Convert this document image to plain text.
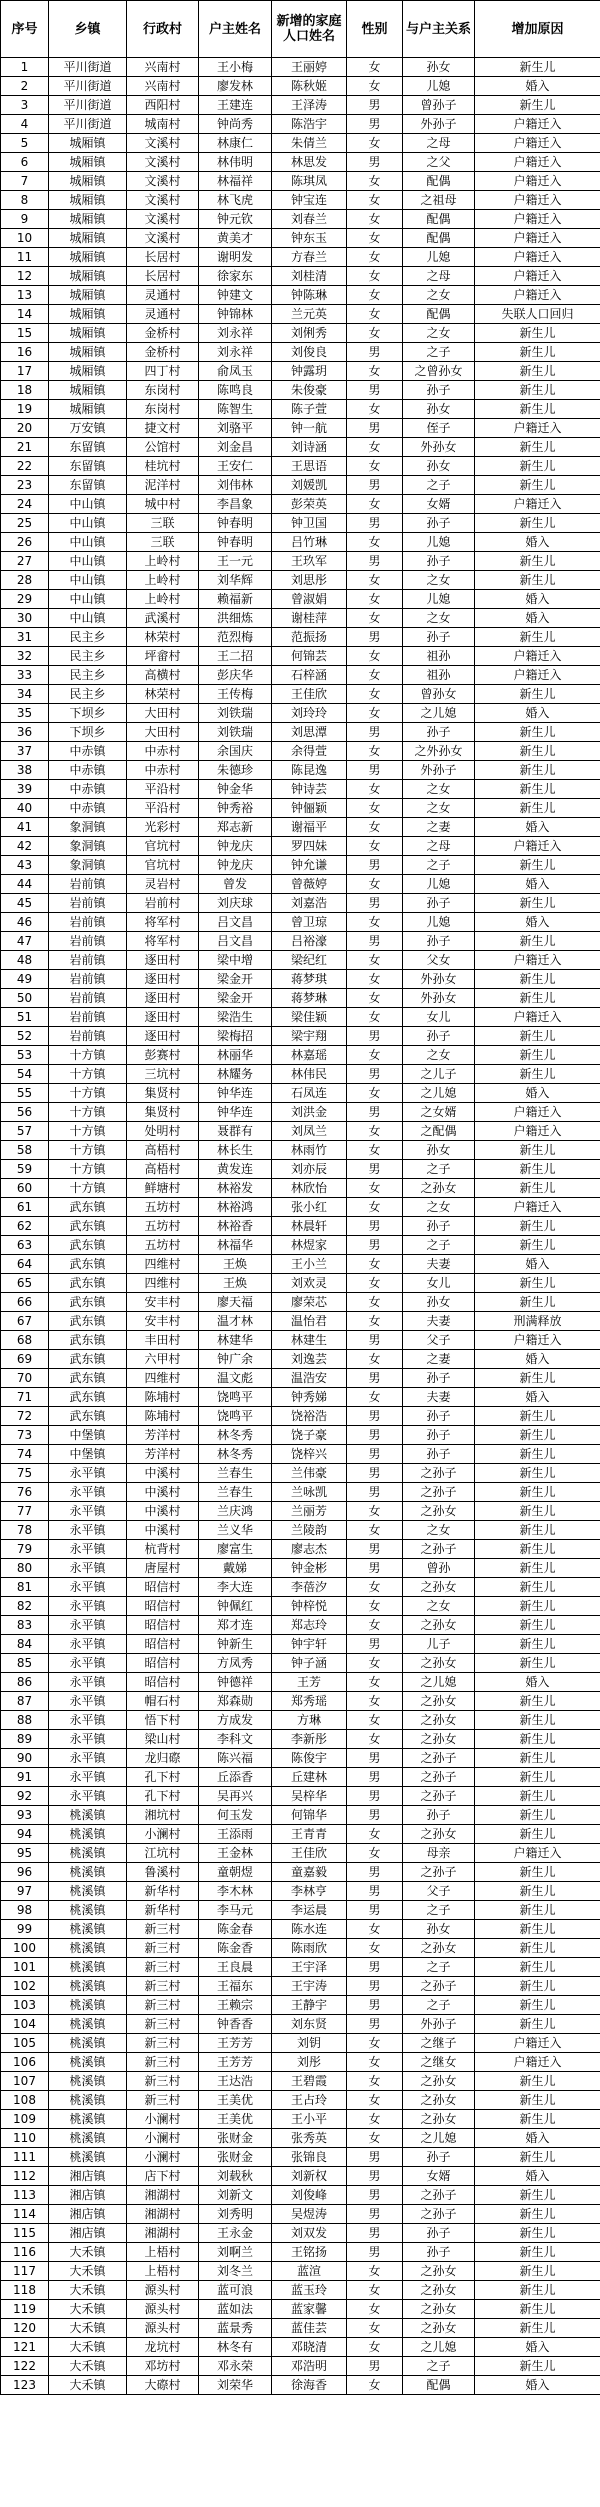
序号	乡镇	行政村	户主姓名	新增的家庭人口姓名	性别	与户主关系	增加原因
1	平川街道	兴南村	王小梅	王丽婷	女	孙女	新生儿
2	平川街道	兴南村	廖发林	陈秋姬	女	儿媳	婚入
3	平川街道	西阳村	王建连	王泽涛	男	曾孙子	新生儿
4	平川街道	城南村	钟尚秀	陈浩宇	男	外孙子	户籍迁入
5	城厢镇	文溪村	林康仁	朱倩兰	女	之母	户籍迁入
6	城厢镇	文溪村	林伟明	林思发	男	之父	户籍迁入
7	城厢镇	文溪村	林福祥	陈琪凤	女	配偶	户籍迁入
8	城厢镇	文溪村	林飞虎	钟宝连	女	之祖母	户籍迁入
9	城厢镇	文溪村	钟元钦	刘春兰	女	配偶	户籍迁入
10	城厢镇	文溪村	黄美才	钟东玉	女	配偶	户籍迁入
11	城厢镇	长居村	谢明发	方春兰	女	儿媳	户籍迁入
12	城厢镇	长居村	徐家东	刘桂清	女	之母	户籍迁入
13	城厢镇	灵通村	钟建文	钟陈琳	女	之女	户籍迁入
14	城厢镇	灵通村	钟锦林	兰元英	女	配偶	失联人口回归
15	城厢镇	金桥村	刘永祥	刘俐秀	女	之女	新生儿
16	城厢镇	金桥村	刘永祥	刘俊良	男	之子	新生儿
17	城厢镇	四丁村	俞凤玉	钟露玥	女	之曾孙女	新生儿
18	城厢镇	东岗村	陈鸣良	朱俊豪	男	孙子	新生儿
19	城厢镇	东岗村	陈智生	陈子萱	女	孙女	新生儿
20	万安镇	捷文村	刘骆平	钟一航	男	侄子	户籍迁入
21	东留镇	公馆村	刘金昌	刘诗涵	女	外孙女	新生儿
22	东留镇	桂坑村	王安仁	王思语	女	孙女	新生儿
23	东留镇	泥洋村	刘伟林	刘媛凯	男	之子	新生儿
24	中山镇	城中村	李昌象	彭荣英	女	女婿	户籍迁入
25	中山镇	三联	钟春明	钟卫国	男	孙子	新生儿
26	中山镇	三联	钟春明	吕竹琳	女	儿媳	婚入
27	中山镇	上岭村	王一元	王玖军	男	孙子	新生儿
28	中山镇	上岭村	刘华辉	刘思彤	女	之女	新生儿
29	中山镇	上岭村	赖福新	曾淑娟	女	儿媳	婚入
30	中山镇	武溪村	洪细炼	谢桂萍	女	之女	婚入
31	民主乡	林荣村	范烈梅	范振扬	男	孙子	新生儿
32	民主乡	坪畲村	王二招	何锦芸	女	祖孙	户籍迁入
33	民主乡	高横村	彭庆华	石梓涵	女	祖孙	户籍迁入
34	民主乡	林荣村	王传梅	王佳欣	女	曾孙女	新生儿
35	下坝乡	大田村	刘铁瑞	刘玲玲	女	之儿媳	婚入
36	下坝乡	大田村	刘铁瑞	刘思潭	男	孙子	新生儿
37	中赤镇	中赤村	余国庆	余得萱	女	之外孙女	新生儿
38	中赤镇	中赤村	朱德珍	陈昆逸	男	外孙子	新生儿
39	中赤镇	平沿村	钟金华	钟诗芸	女	之女	新生儿
40	中赤镇	平沿村	钟秀裕	钟俪颖	女	之女	新生儿
41	象洞镇	光彩村	郑志新	谢福平	女	之妻	婚入
42	象洞镇	官坑村	钟龙庆	罗四妹	女	之母	户籍迁入
43	象洞镇	官坑村	钟龙庆	钟允谦	男	之子	新生儿
44	岩前镇	灵岩村	曾发	曾薇婷	女	儿媳	婚入
45	岩前镇	岩前村	刘庆球	刘嘉浩	男	孙子	新生儿
46	岩前镇	将军村	吕文昌	曾卫琼	女	儿媳	婚入
47	岩前镇	将军村	吕文昌	吕裕濠	男	孙子	新生儿
48	岩前镇	逐田村	梁中增	梁纪红	女	父女	户籍迁入
49	岩前镇	逐田村	梁金开	蒋梦琪	女	外孙女	新生儿
50	岩前镇	逐田村	梁金开	蒋梦琳	女	外孙女	新生儿
51	岩前镇	逐田村	梁浩生	梁佳颖	女	女儿	户籍迁入
52	岩前镇	逐田村	梁梅招	梁宇翔	男	孙子	新生儿
53	十方镇	彭赛村	林丽华	林嘉瑶	女	之女	新生儿
54	十方镇	三坑村	林耀务	林伟民	男	之儿子	新生儿
55	十方镇	集贤村	钟华连	石凤连	女	之儿媳	婚入
56	十方镇	集贤村	钟华连	刘洪金	男	之女婿	户籍迁入
57	十方镇	处明村	聂群有	刘凤兰	女	之配偶	户籍迁入
58	十方镇	高梧村	林长生	林雨竹	女	孙女	新生儿
59	十方镇	高梧村	黄发连	刘亦辰	男	之子	新生儿
60	十方镇	鲜塘村	林裕发	林欣怡	女	之孙女	新生儿
61	武东镇	五坊村	林裕鸿	张小红	女	之女	户籍迁入
62	武东镇	五坊村	林裕香	林晨轩	男	孙子	新生儿
63	武东镇	五坊村	林福华	林煜家	男	之子	新生儿
64	武东镇	四维村	王焕	王小兰	女	夫妻	婚入
65	武东镇	四维村	王焕	刘欢灵	女	女儿	新生儿
66	武东镇	安丰村	廖天福	廖荣芯	女	孙女	新生儿
67	武东镇	安丰村	温才林	温怡君	女	夫妻	刑满释放
68	武东镇	丰田村	林建华	林建生	男	父子	户籍迁入
69	武东镇	六甲村	钟广余	刘逸芸	女	之妻	婚入
70	武东镇	四维村	温文彪	温浩安	男	孙子	新生儿
71	武东镇	陈埔村	饶鸣平	钟秀娣	女	夫妻	婚入
72	武东镇	陈埔村	饶鸣平	饶裕浩	男	孙子	新生儿
73	中堡镇	芳洋村	林冬秀	饶子豪	男	孙子	新生儿
74	中堡镇	芳洋村	林冬秀	饶梓兴	男	孙子	新生儿
75	永平镇	中溪村	兰春生	兰伟豪	男	之孙子	新生儿
76	永平镇	中溪村	兰春生	兰咏凯	男	之孙子	新生儿
77	永平镇	中溪村	兰庆鸿	兰丽芳	女	之孙女	新生儿
78	永平镇	中溪村	兰义华	兰陵韵	女	之女	新生儿
79	永平镇	杭背村	廖富生	廖志杰	男	之孙子	新生儿
80	永平镇	唐屋村	戴娣	钟金彬	男	曾孙	新生儿
81	永平镇	昭信村	李大连	李蓓汐	女	之孙女	新生儿
82	永平镇	昭信村	钟佩红	钟梓悦	女	之女	新生儿
83	永平镇	昭信村	郑才连	郑志玲	女	之孙女	新生儿
84	永平镇	昭信村	钟新生	钟宇轩	男	儿子	新生儿
85	永平镇	昭信村	方凤秀	钟子涵	女	之孙女	新生儿
86	永平镇	昭信村	钟德祥	王芳	女	之儿媳	婚入
87	永平镇	帽石村	郑森勋	郑秀瑶	女	之孙女	新生儿
88	永平镇	悟下村	方成发	方琳	女	之孙女	新生儿
89	永平镇	梁山村	李科文	李新彤	女	之孙女	新生儿
90	永平镇	龙归磜	陈兴福	陈俊宇	男	之孙子	新生儿
91	永平镇	孔下村	丘添香	丘建林	男	之孙子	新生儿
92	永平镇	孔下村	吴再兴	吴梓华	男	之孙子	新生儿
93	桃溪镇	湘坑村	何玉发	何锦华	男	孙子	新生儿
94	桃溪镇	小澜村	王添雨	王青青	女	之孙女	新生儿
95	桃溪镇	江坑村	王金林	王佳欣	女	母亲	户籍迁入
96	桃溪镇	鲁溪村	童朝煜	童嘉毅	男	之孙子	新生儿
97	桃溪镇	新华村	李木林	李林亨	男	父子	新生儿
98	桃溪镇	新华村	李马元	李运晨	男	之子	新生儿
99	桃溪镇	新三村	陈金春	陈水连	女	孙女	新生儿
100	桃溪镇	新三村	陈金香	陈雨欣	女	之孙女	新生儿
101	桃溪镇	新三村	王良晨	王宇泽	男	之子	新生儿
102	桃溪镇	新三村	王福东	王宇涛	男	之孙子	新生儿
103	桃溪镇	新三村	王赖宗	王静宇	男	之子	新生儿
104	桃溪镇	新三村	钟香香	刘东贤	男	外孙子	新生儿
105	桃溪镇	新三村	王芳芳	刘钥	女	之继子	户籍迁入
106	桃溪镇	新三村	王芳芳	刘彤	女	之继女	户籍迁入
107	桃溪镇	新三村	王达浩	王碧霞	女	之孙女	新生儿
108	桃溪镇	新三村	王美优	王占玲	女	之孙女	新生儿
109	桃溪镇	小澜村	王美优	王小平	女	之孙女	新生儿
110	桃溪镇	小澜村	张财金	张秀英	女	之儿媳	婚入
111	桃溪镇	小澜村	张财金	张锦良	男	孙子	新生儿
112	湘店镇	店下村	刘载秋	刘新权	男	女婿	婚入
113	湘店镇	湘湖村	刘新文	刘俊峰	男	之孙子	新生儿
114	湘店镇	湘湖村	刘秀明	吴煜涛	男	之孙子	新生儿
115	湘店镇	湘湖村	王永金	刘双发	男	孙子	新生儿
116	大禾镇	上梧村	刘啊兰	王铭扬	男	孙子	新生儿
117	大禾镇	上梧村	刘冬兰	蓝渲	女	之孙女	新生儿
118	大禾镇	源头村	蓝可浪	蓝玉玲	女	之孙女	新生儿
119	大禾镇	源头村	蓝如法	蓝家馨	女	之孙女	新生儿
120	大禾镇	源头村	蓝景秀	蓝佳芸	女	之孙女	新生儿
121	大禾镇	龙坑村	林冬有	邓晓清	女	之儿媳	婚入
122	大禾镇	邓坊村	邓永荣	邓浩明	男	之子	新生儿
123	大禾镇	大磜村	刘荣华	徐海香	女	配偶	婚入
